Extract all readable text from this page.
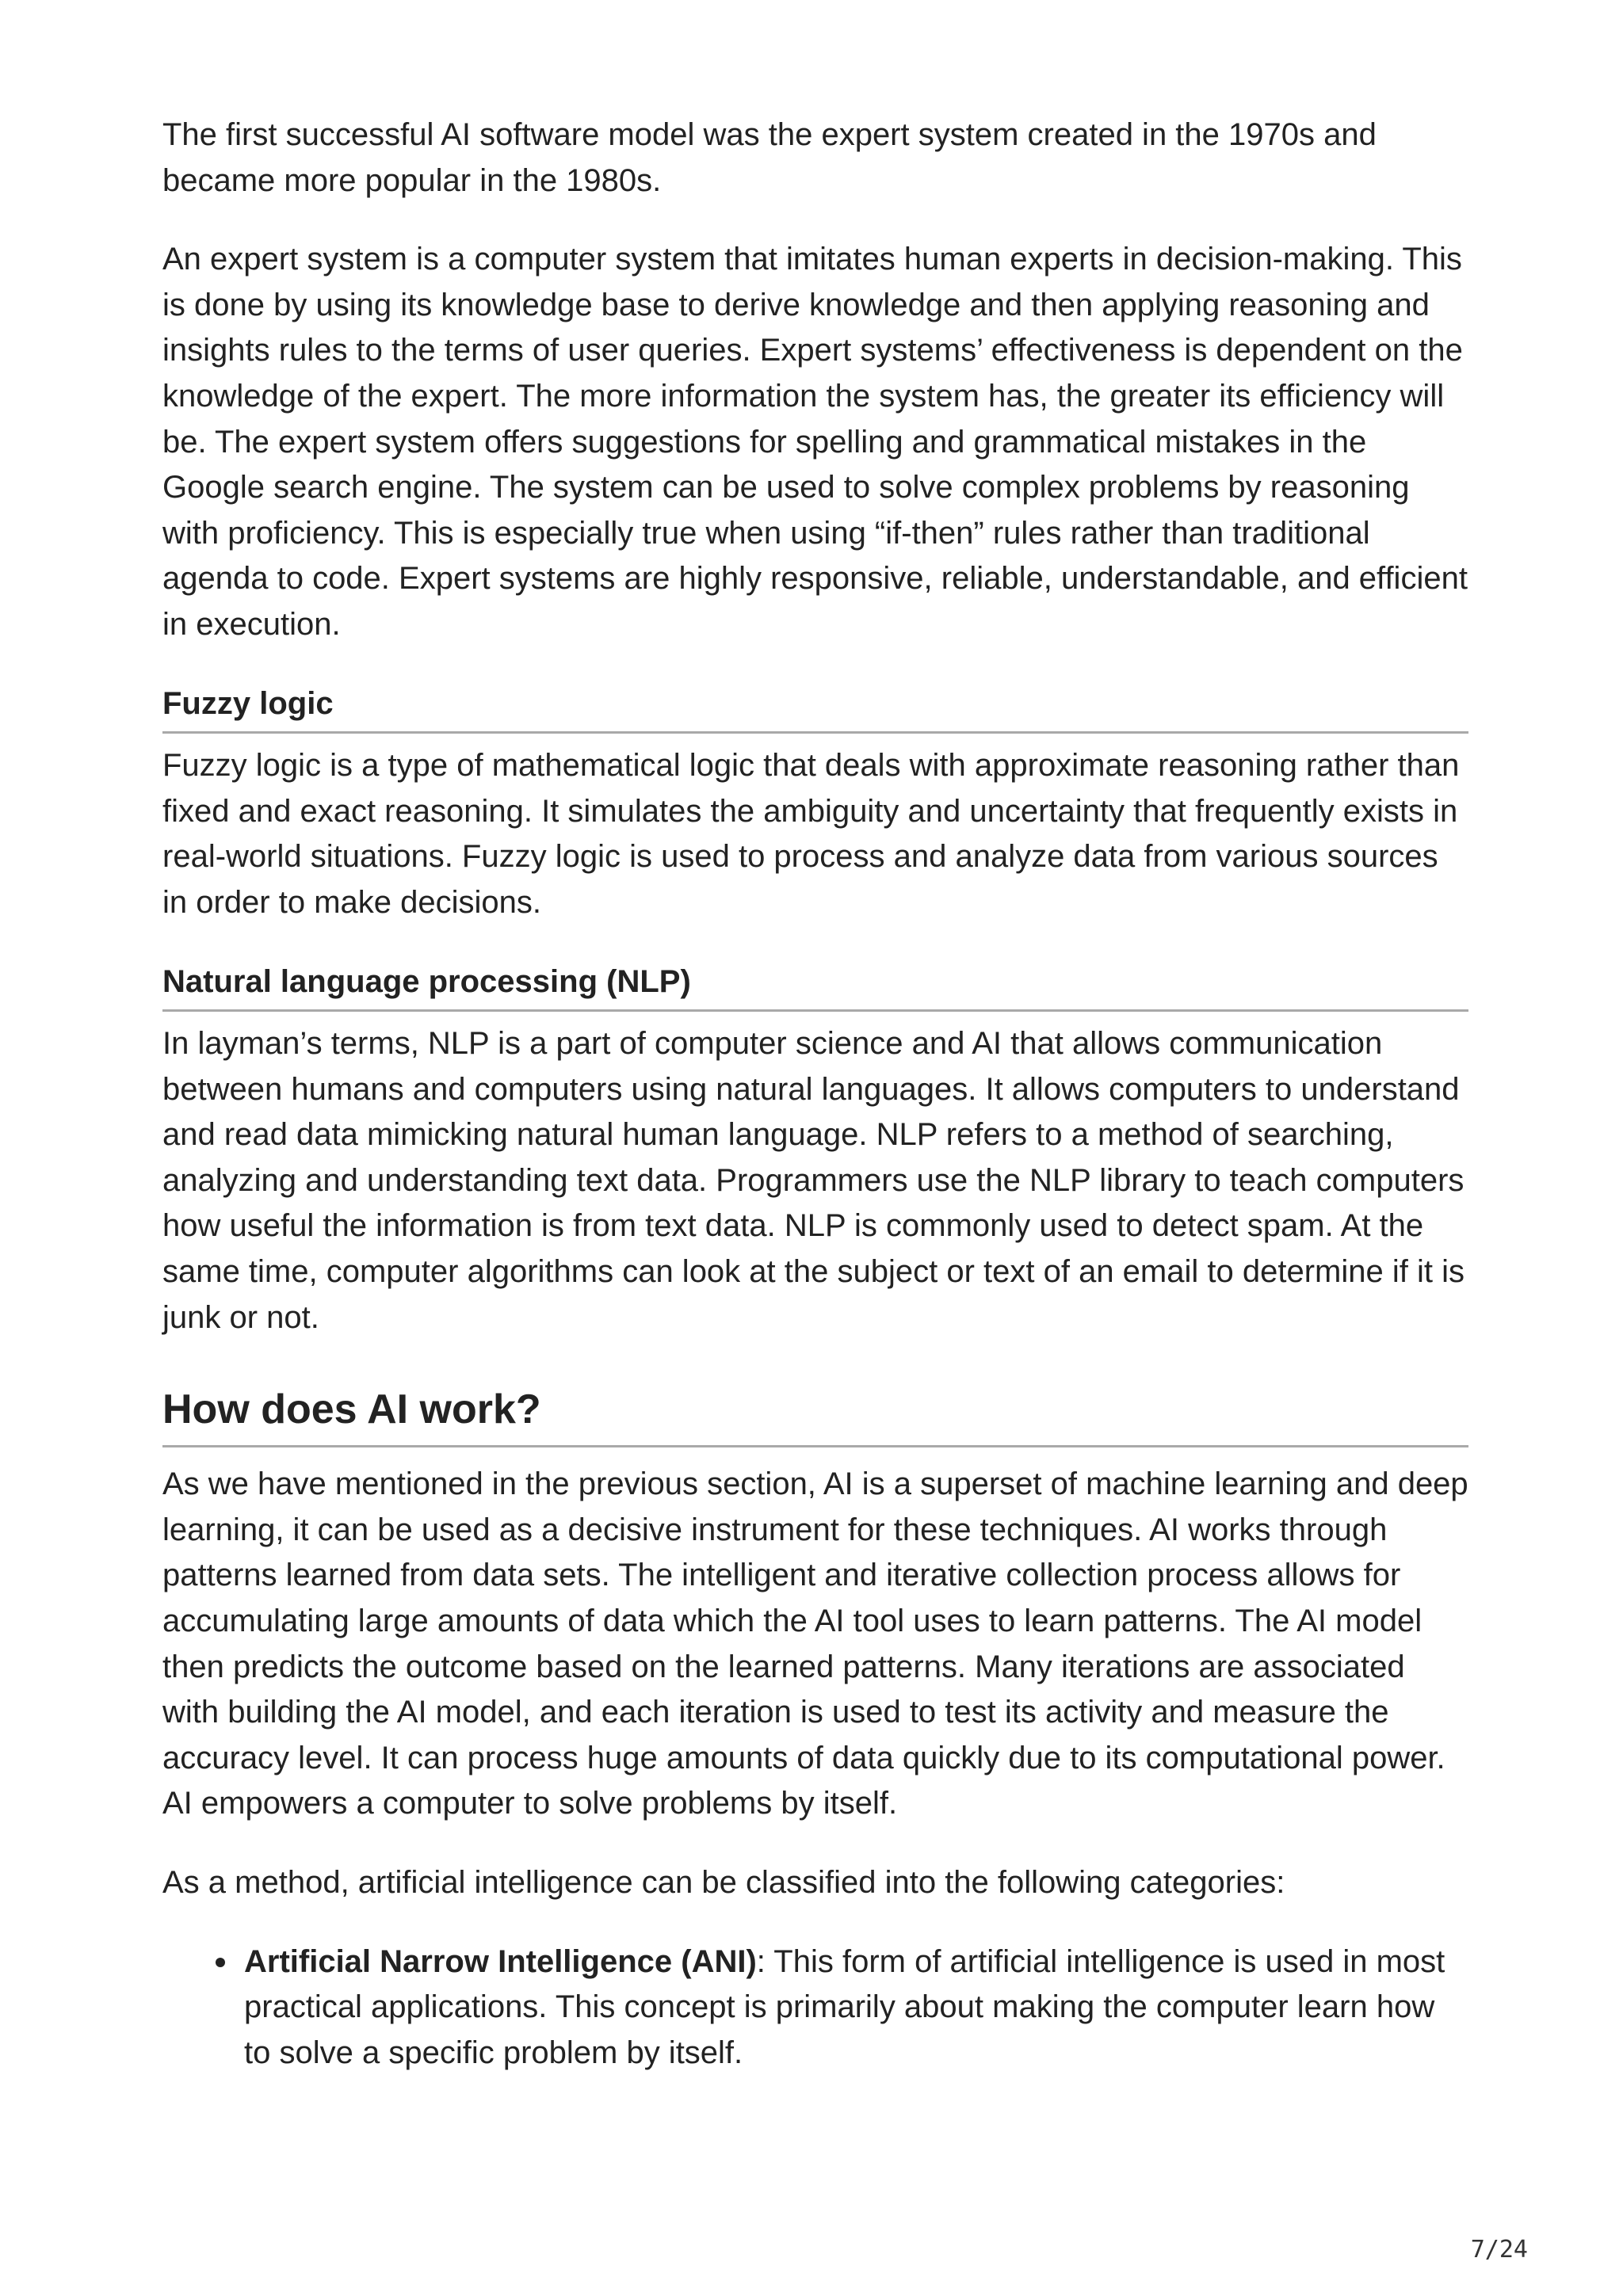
The first successful AI software model was the expert system created in the 1970s and became more popular in the 1980s.

An expert system is a computer system that imitates human experts in decision-making. This is done by using its knowledge base to derive knowledge and then applying reasoning and insights rules to the terms of user queries. Expert systems’ effectiveness is dependent on the knowledge of the expert. The more information the system has, the greater its efficiency will be. The expert system offers suggestions for spelling and grammatical mistakes in the Google search engine. The system can be used to solve complex problems by reasoning with proficiency. This is especially true when using “if-then” rules rather than traditional agenda to code. Expert systems are highly responsive, reliable, understandable, and efficient in execution.

Fuzzy logic

Fuzzy logic is a type of mathematical logic that deals with approximate reasoning rather than fixed and exact reasoning. It simulates the ambiguity and uncertainty that frequently exists in real-world situations. Fuzzy logic is used to process and analyze data from various sources in order to make decisions.

Natural language processing (NLP)

In layman’s terms, NLP is a part of computer science and AI that allows communication between humans and computers using natural languages. It allows computers to understand and read data mimicking natural human language. NLP refers to a method of searching, analyzing and understanding text data. Programmers use the NLP library to teach computers how useful the information is from text data. NLP is commonly used to detect spam. At the same time, computer algorithms can look at the subject or text of an email to determine if it is junk or not.

How does AI work?

As we have mentioned in the previous section, AI is a superset of machine learning and deep learning, it can be used as a decisive instrument for these techniques. AI works through patterns learned from data sets. The intelligent and iterative collection process allows for accumulating large amounts of data which the AI tool uses to learn patterns. The AI model then predicts the outcome based on the learned patterns. Many iterations are associated with building the AI model, and each iteration is used to test its activity and measure the accuracy level. It can process huge amounts of data quickly due to its computational power. AI empowers a computer to solve problems by itself.

As a method, artificial intelligence can be classified into the following categories:

Artificial Narrow Intelligence (ANI): This form of artificial intelligence is used in most practical applications. This concept is primarily about making the computer learn how to solve a specific problem by itself.
7/24
